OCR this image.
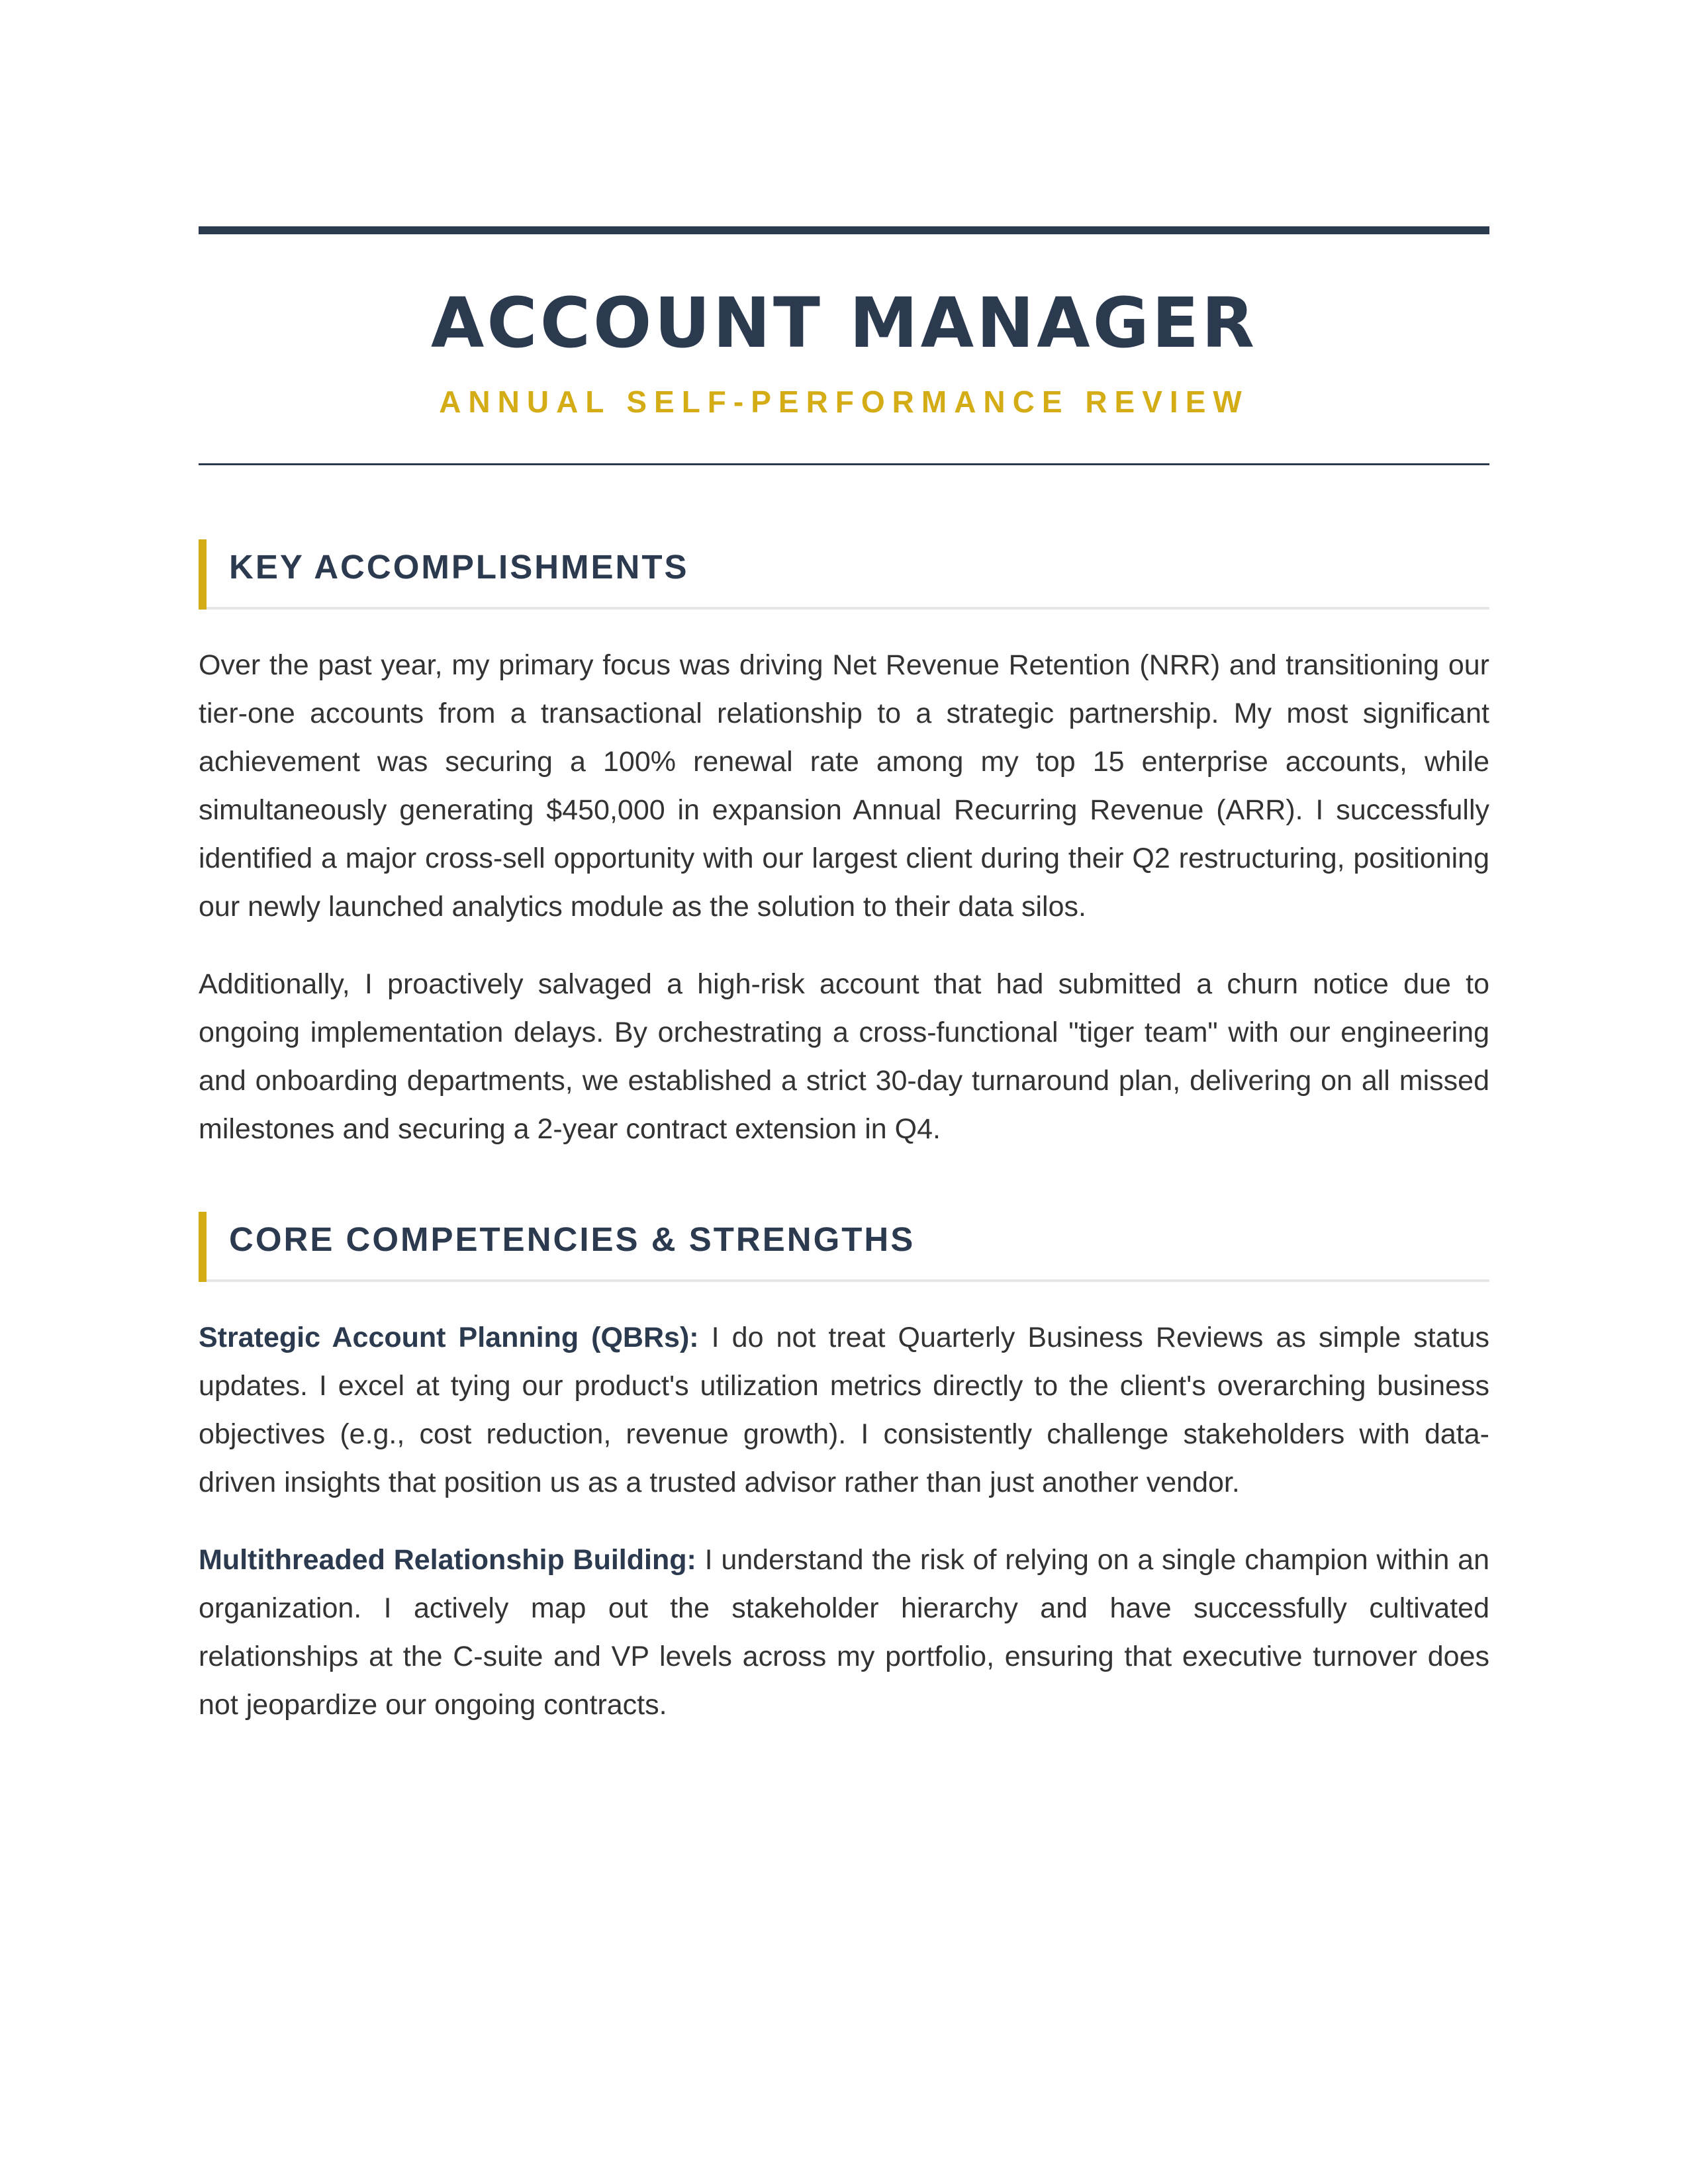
ACCOUNT MANAGER
ANNUAL SELF-PERFORMANCE REVIEW
KEY ACCOMPLISHMENTS

Over the past year, my primary focus was driving Net Revenue Retention (NRR) and transitioning our tier-one accounts from a transactional relationship to a strategic partnership. My most significant achievement was securing a 100% renewal rate among my top 15 enterprise accounts, while simultaneously generating $450,000 in expansion Annual Recurring Revenue (ARR). I successfully identified a major cross-sell opportunity with our largest client during their Q2 restructuring, positioning our newly launched analytics module as the solution to their data silos.

Additionally, I proactively salvaged a high-risk account that had submitted a churn notice due to ongoing implementation delays. By orchestrating a cross-functional "tiger team" with our engineering and onboarding departments, we established a strict 30-day turnaround plan, delivering on all missed milestones and securing a 2-year contract extension in Q4.

CORE COMPETENCIES & STRENGTHS

Strategic Account Planning (QBRs): I do not treat Quarterly Business Reviews as simple status updates. I excel at tying our product's utilization metrics directly to the client's overarching business objectives (e.g., cost reduction, revenue growth). I consistently challenge stakeholders with data-driven insights that position us as a trusted advisor rather than just another vendor.

Multithreaded Relationship Building: I understand the risk of relying on a single champion within an organization. I actively map out the stakeholder hierarchy and have successfully cultivated relationships at the C-suite and VP levels across my portfolio, ensuring that executive turnover does not jeopardize our ongoing contracts.
